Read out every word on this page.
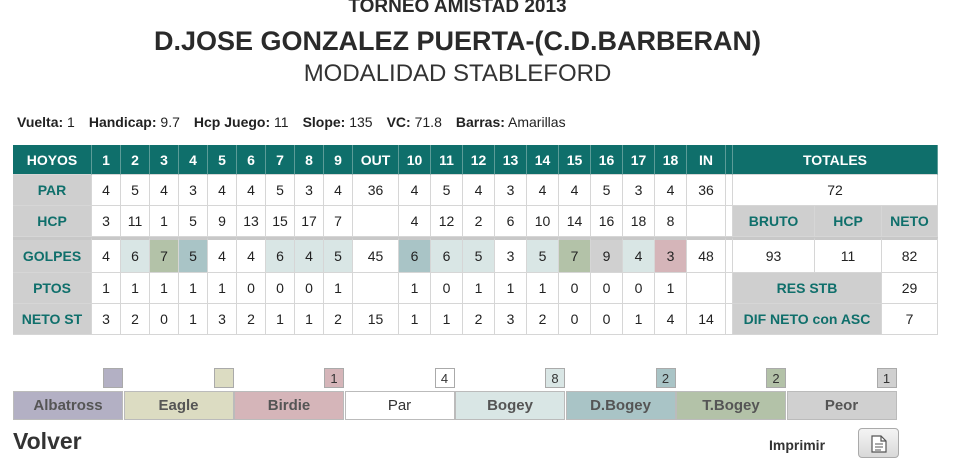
TORNEO AMISTAD 2013
D.JOSE GONZALEZ PUERTA-(C.D.BARBERAN)
MODALIDAD STABLEFORD
Vuelta: 1 Handicap: 9.7 Hcp Juego: 11 Slope: 135 VC: 71.8 Barras: Amarillas
HOYOS	1	2	3	4	5	6	7	8	9	OUT	10	11	12	13	14	15	16	17	18	IN		TOTALES		
PAR	4	5	4	3	4	4	5	3	4	36	4	5	4	3	4	4	5	3	4	36		72		
HCP	3	11	1	5	9	13	15	17	7		4	12	2	6	10	14	16	18	8			BRUTO	HCP	NETO
GOLPES	4	6	7	5	4	4	6	4	5	45	6	6	5	3	5	7	9	4	3	48		93	11	82
PTOS	1	1	1	1	1	0	0	0	1		1	0	1	1	1	0	0	0	1			RES STB		29
NETO ST	3	2	0	1	3	2	1	1	2	15	1	1	2	3	2	0	0	1	4	14		DIF NETO con ASC		7
Albatross	Eagle
1
Birdie
4
Par
8
Bogey
2
D.Bogey
2
T.Bogey
1
Peor
Volver	Imprimir
